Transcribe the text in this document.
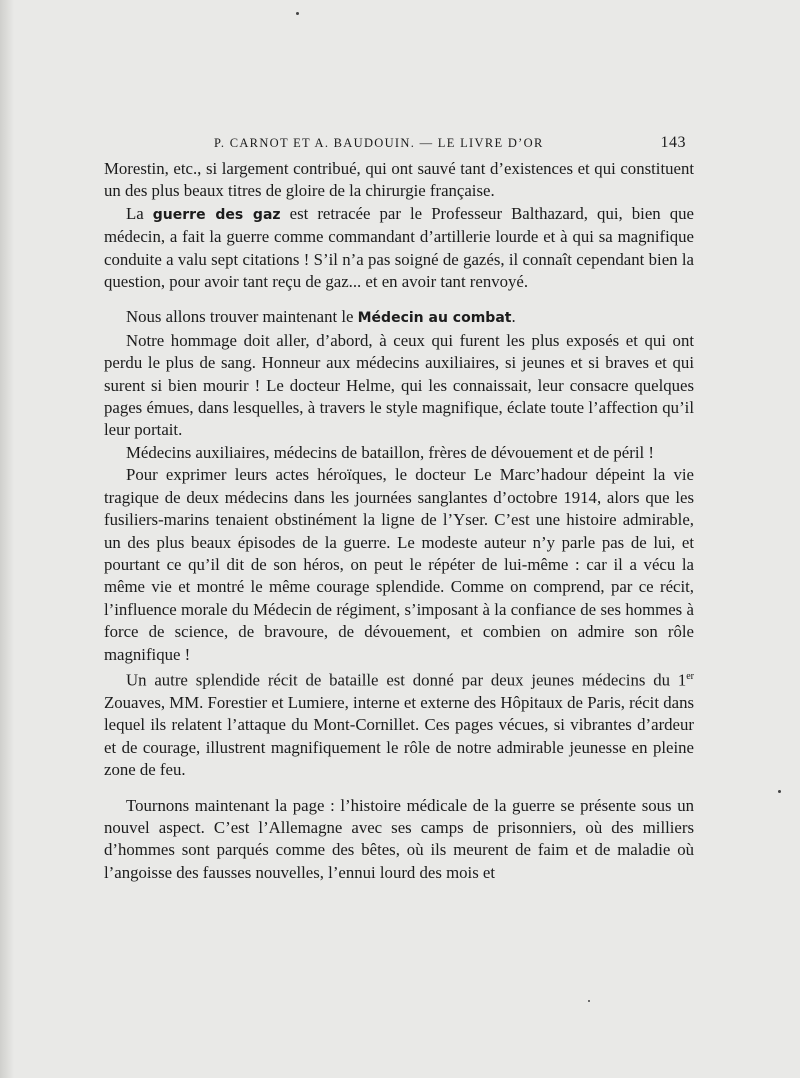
P. CARNOT ET A. BAUDOUIN. — LE LIVRE D’OR	143

Morestin, etc., si largement contribué, qui ont sauvé tant d’existences et qui constituent un des plus beaux titres de gloire de la chirurgie française.

La guerre des gaz est retracée par le Professeur Balthazard, qui, bien que médecin, a fait la guerre comme commandant d’artillerie lourde et à qui sa magnifique conduite a valu sept citations ! S’il n’a pas soigné de gazés, il connaît cependant bien la question, pour avoir tant reçu de gaz... et en avoir tant renvoyé.

Nous allons trouver maintenant le Médecin au combat.

Notre hommage doit aller, d’abord, à ceux qui furent les plus exposés et qui ont perdu le plus de sang. Honneur aux médecins auxiliaires, si jeunes et si braves et qui surent si bien mourir ! Le docteur Helme, qui les connaissait, leur consacre quelques pages émues, dans lesquelles, à travers le style magnifique, éclate toute l’affection qu’il leur portait.

Médecins auxiliaires, médecins de bataillon, frères de dévouement et de péril !

Pour exprimer leurs actes héroïques, le docteur Le Marc’hadour dépeint la vie tragique de deux médecins dans les journées sanglantes d’octobre 1914, alors que les fusiliers-marins tenaient obstinément la ligne de l’Yser. C’est une histoire admirable, un des plus beaux épisodes de la guerre. Le modeste auteur n’y parle pas de lui, et pourtant ce qu’il dit de son héros, on peut le répéter de lui-même : car il a vécu la même vie et montré le même courage splendide. Comme on comprend, par ce récit, l’influence morale du Médecin de régiment, s’imposant à la confiance de ses hommes à force de science, de bravoure, de dévouement, et combien on admire son rôle magnifique !

Un autre splendide récit de bataille est donné par deux jeunes médecins du 1er Zouaves, MM. Forestier et Lumiere, interne et externe des Hôpitaux de Paris, récit dans lequel ils relatent l’attaque du Mont-Cornillet. Ces pages vécues, si vibrantes d’ardeur et de courage, illustrent magnifiquement le rôle de notre admirable jeunesse en pleine zone de feu.

Tournons maintenant la page : l’histoire médicale de la guerre se présente sous un nouvel aspect. C’est l’Allemagne avec ses camps de prisonniers, où des milliers d’hommes sont parqués comme des bêtes, où ils meurent de faim et de maladie où l’angoisse des fausses nouvelles, l’ennui lourd des mois et
